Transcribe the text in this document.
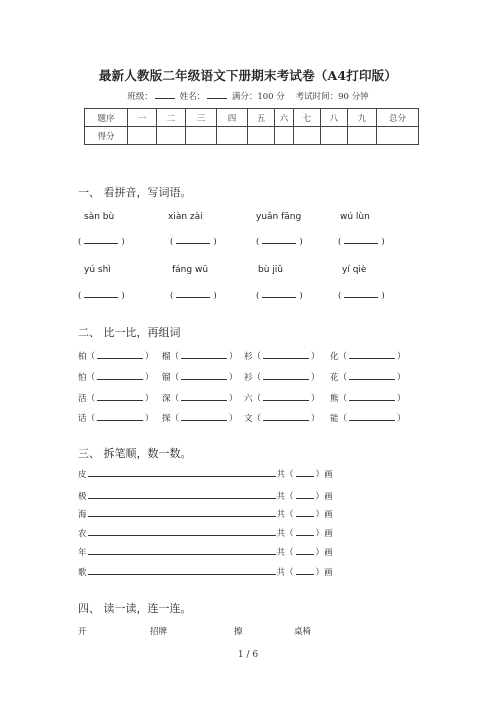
最新人教版二年级语文下册期末考试卷（A4打印版）
班级：	姓名：	满分：100 分 考试时间：90 分钟
题序	一	二	三	四	五	六	七	八	九	总分
得分										
一、 看拼音，写词语。
sàn bù	xiàn zài	yuǎn fāng	wú lùn
(	)	(	)	(	)	(	)
yú shì	fáng wū	bù jiǔ	yí qiè
(	)	(	)	(	)	(	)
二、 比一比，再组词
柏（	） 榴（	） 杉（	） 化（	）
怕（	） 镏（	） 衫（	） 花（	）
活（	） 深（	） 六（	） 熊（	）
话（	） 探（	） 文（	） 能（	）
三、 拆笔顺，数一数。
皮	共（	）画
极	共（	）画
海	共（	）画
农	共（	）画
年	共（	）画
歌	共（	）画
四、 读一读，连一连。
开	招牌	擦	桌椅
1 / 6
